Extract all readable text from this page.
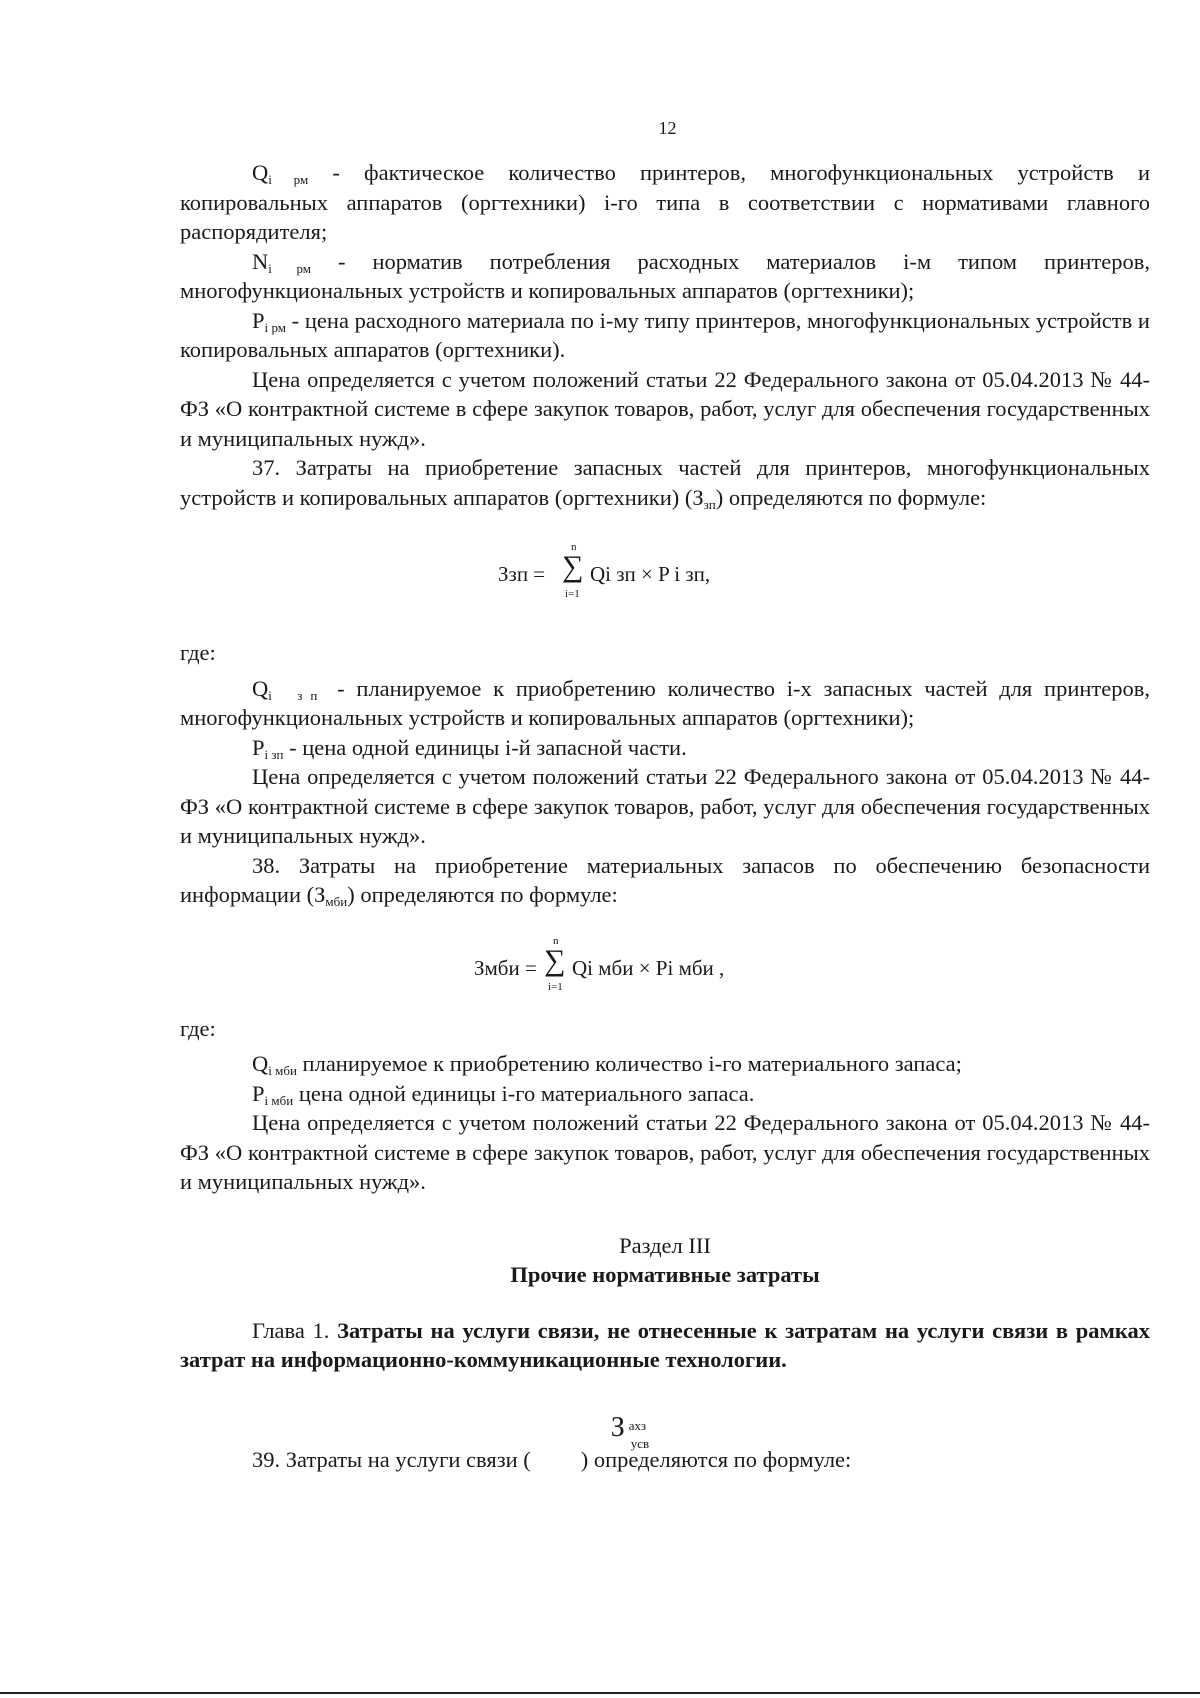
12

$Q_{i рм}$ - фактическое количество принтеров, многофункциональных устройств и копировальных аппаратов (оргтехники) i-го типа в соответствии с нормативами главного распорядителя;

$N_{i рм}$ - норматив потребления расходных материалов i-м типом принтеров, многофункциональных устройств и копировальных аппаратов (оргтехники);

$P_{i рм}$ - цена расходного материала по i-му типу принтеров, многофункциональных устройств и копировальных аппаратов (оргтехники).

Цена определяется с учетом положений статьи 22 Федерального закона от 05.04.2013 № 44-ФЗ «О контрактной системе в сфере закупок товаров, работ, услуг для обеспечения государственных и муниципальных нужд».

37. Затраты на приобретение запасных частей для принтеров, многофункциональных устройств и копировальных аппаратов (оргтехники) $(З_{зп})$ определяются по формуле:

Ззп =
n
∑
i=1
Qi зп × P i зп,

где:

$Q_{i зп}$ - планируемое к приобретению количество i-х запасных частей для принтеров, многофункциональных устройств и копировальных аппаратов (оргтехники);

$P_{i зп}$ - цена одной единицы i-й запасной части.

Цена определяется с учетом положений статьи 22 Федерального закона от 05.04.2013 № 44-ФЗ «О контрактной системе в сфере закупок товаров, работ, услуг для обеспечения государственных и муниципальных нужд».

38. Затраты на приобретение материальных запасов по обеспечению безопасности информации $(З_{мби})$ определяются по формуле:

Змби =
n
∑
i=1
Qi мби × Pi мби ,

где:

$Q_{i мби}$ планируемое к приобретению количество i-го материального запаса;

$P_{i мби}$ цена одной единицы i-го материального запаса.

Цена определяется с учетом положений статьи 22 Федерального закона от 05.04.2013 № 44-ФЗ «О контрактной системе в сфере закупок товаров, работ, услуг для обеспечения государственных и муниципальных нужд».

Раздел III

Прочие нормативные затраты

Глава 1. Затраты на услуги связи, не отнесенные к затратам на услуги связи в рамках затрат на информационно-коммуникационные технологии.

39. Затраты на услуги связи (
З ахз
усв
) определяются по формуле:
